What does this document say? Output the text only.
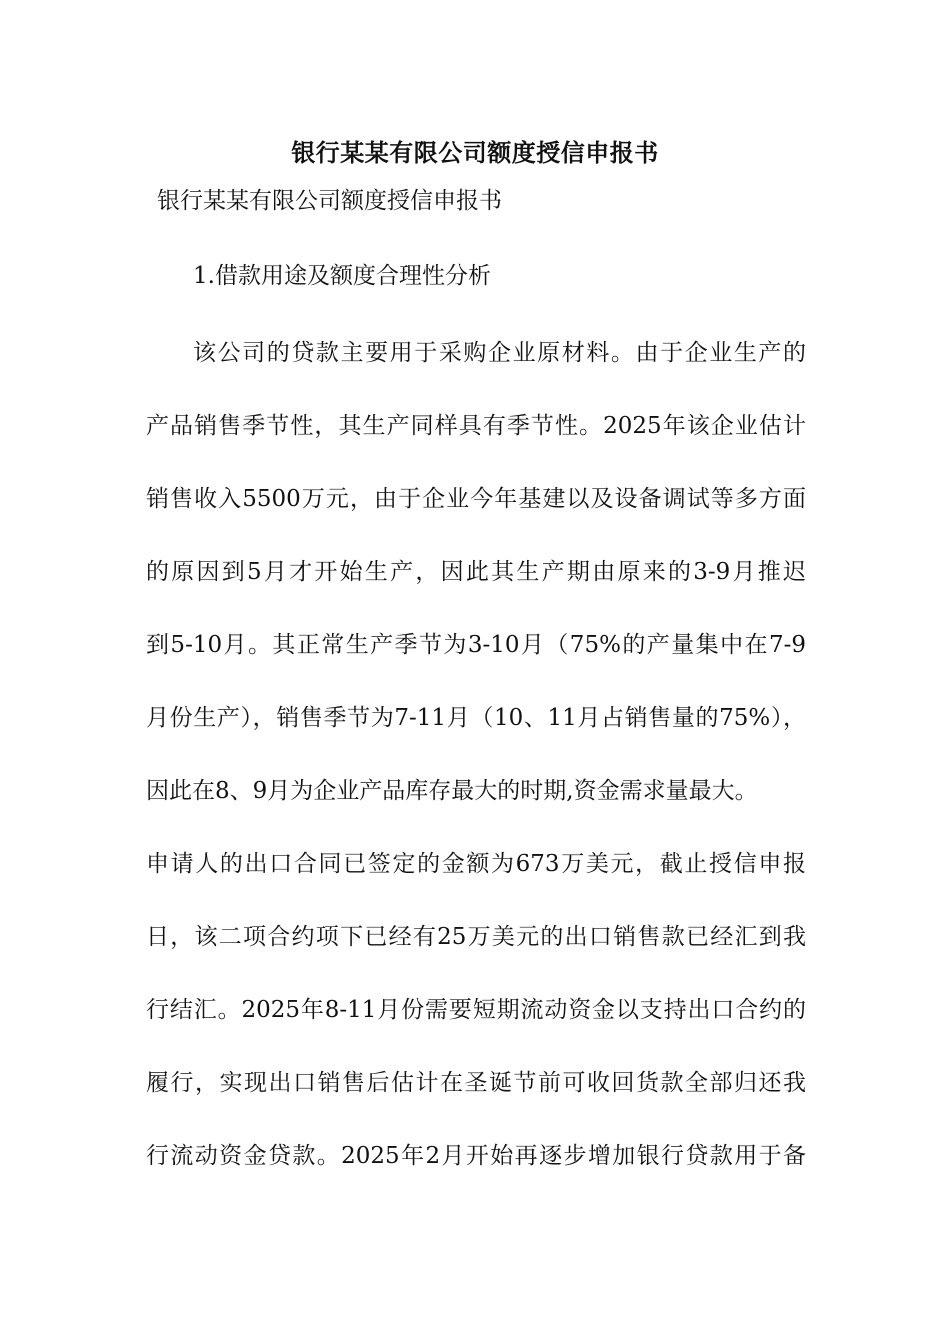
银行某某有限公司额度授信申报书
银行某某有限公司额度授信申报书
1.借款用途及额度合理性分析
该公司的贷款主要用于采购企业原材料。由于企业生产的
产品销售季节性，其生产同样具有季节性。2025年该企业估计
销售收入5500万元，由于企业今年基建以及设备调试等多方面
的原因到5月才开始生产，因此其生产期由原来的3-9月推迟
到5-10月。其正常生产季节为3-10月（75%的产量集中在7-9
月份生产），销售季节为7-11月（10、11月占销售量的75%），
因此在8、9月为企业产品库存最大的时期,资金需求量最大。
申请人的出口合同已签定的金额为673万美元，截止授信申报
日，该二项合约项下已经有25万美元的出口销售款已经汇到我
行结汇。2025年8-11月份需要短期流动资金以支持出口合约的
履行，实现出口销售后估计在圣诞节前可收回货款全部归还我
行流动资金贷款。2025年2月开始再逐步增加银行贷款用于备
